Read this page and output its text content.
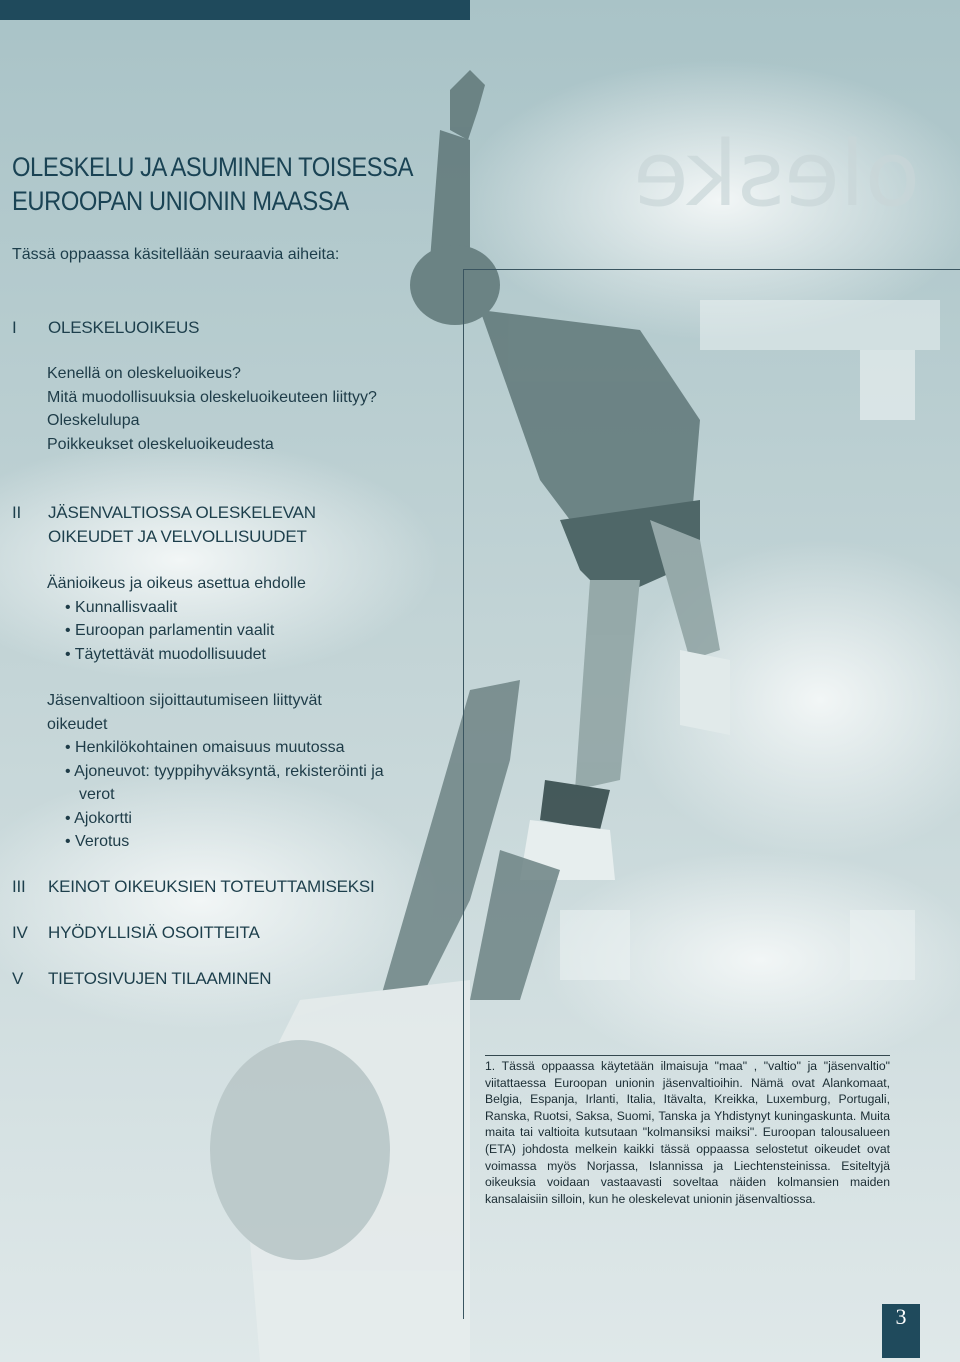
oleske
OLESKELU JA ASUMINEN TOISESSA
EUROOPAN UNIONIN MAASSA
Tässä oppaassa käsitellään seuraavia aiheita:
I OLESKELUOIKEUS
Kenellä on oleskeluoikeus?
Mitä muodollisuuksia oleskeluoikeuteen liittyy?
Oleskelulupa
Poikkeukset oleskeluoikeudesta
II JÄSENVALTIOSSA OLESKELEVAN
OIKEUDET JA VELVOLLISUUDET
Äänioikeus ja oikeus asettua ehdolle
• Kunnallisvaalit
• Euroopan parlamentin vaalit
• Täytettävät muodollisuudet
Jäsenvaltioon sijoittautumiseen liittyvät
oikeudet
• Henkilökohtainen omaisuus muutossa
• Ajoneuvot: tyyppihyväksyntä, rekisteröinti ja
verot
• Ajokortti
• Verotus
III KEINOT OIKEUKSIEN TOTEUTTAMISEKSI
IV HYÖDYLLISIÄ OSOITTEITA
V TIETOSIVUJEN TILAAMINEN
1. Tässä oppaassa käytetään ilmaisuja "maa" , "valtio" ja "jäsenvaltio" viitattaessa Euroopan unionin jäsenvaltioihin. Nämä ovat Alankomaat, Belgia, Espanja, Irlanti, Italia, Itävalta, Kreikka, Luxemburg, Portugali, Ranska, Ruotsi, Saksa, Suomi, Tanska ja Yhdistynyt kuningaskunta. Muita maita tai valtioita kutsutaan "kolmansiksi maiksi". Euroopan talousalueen (ETA) johdosta melkein kaikki tässä oppaassa selostetut oikeudet ovat voimassa myös Norjassa, Islannissa ja Liechtensteinissa. Esiteltyjä oikeuksia voidaan vastaavasti soveltaa näiden kolmansien maiden kansalaisiin silloin, kun he oleskelevat unionin jäsenvaltiossa.
3
